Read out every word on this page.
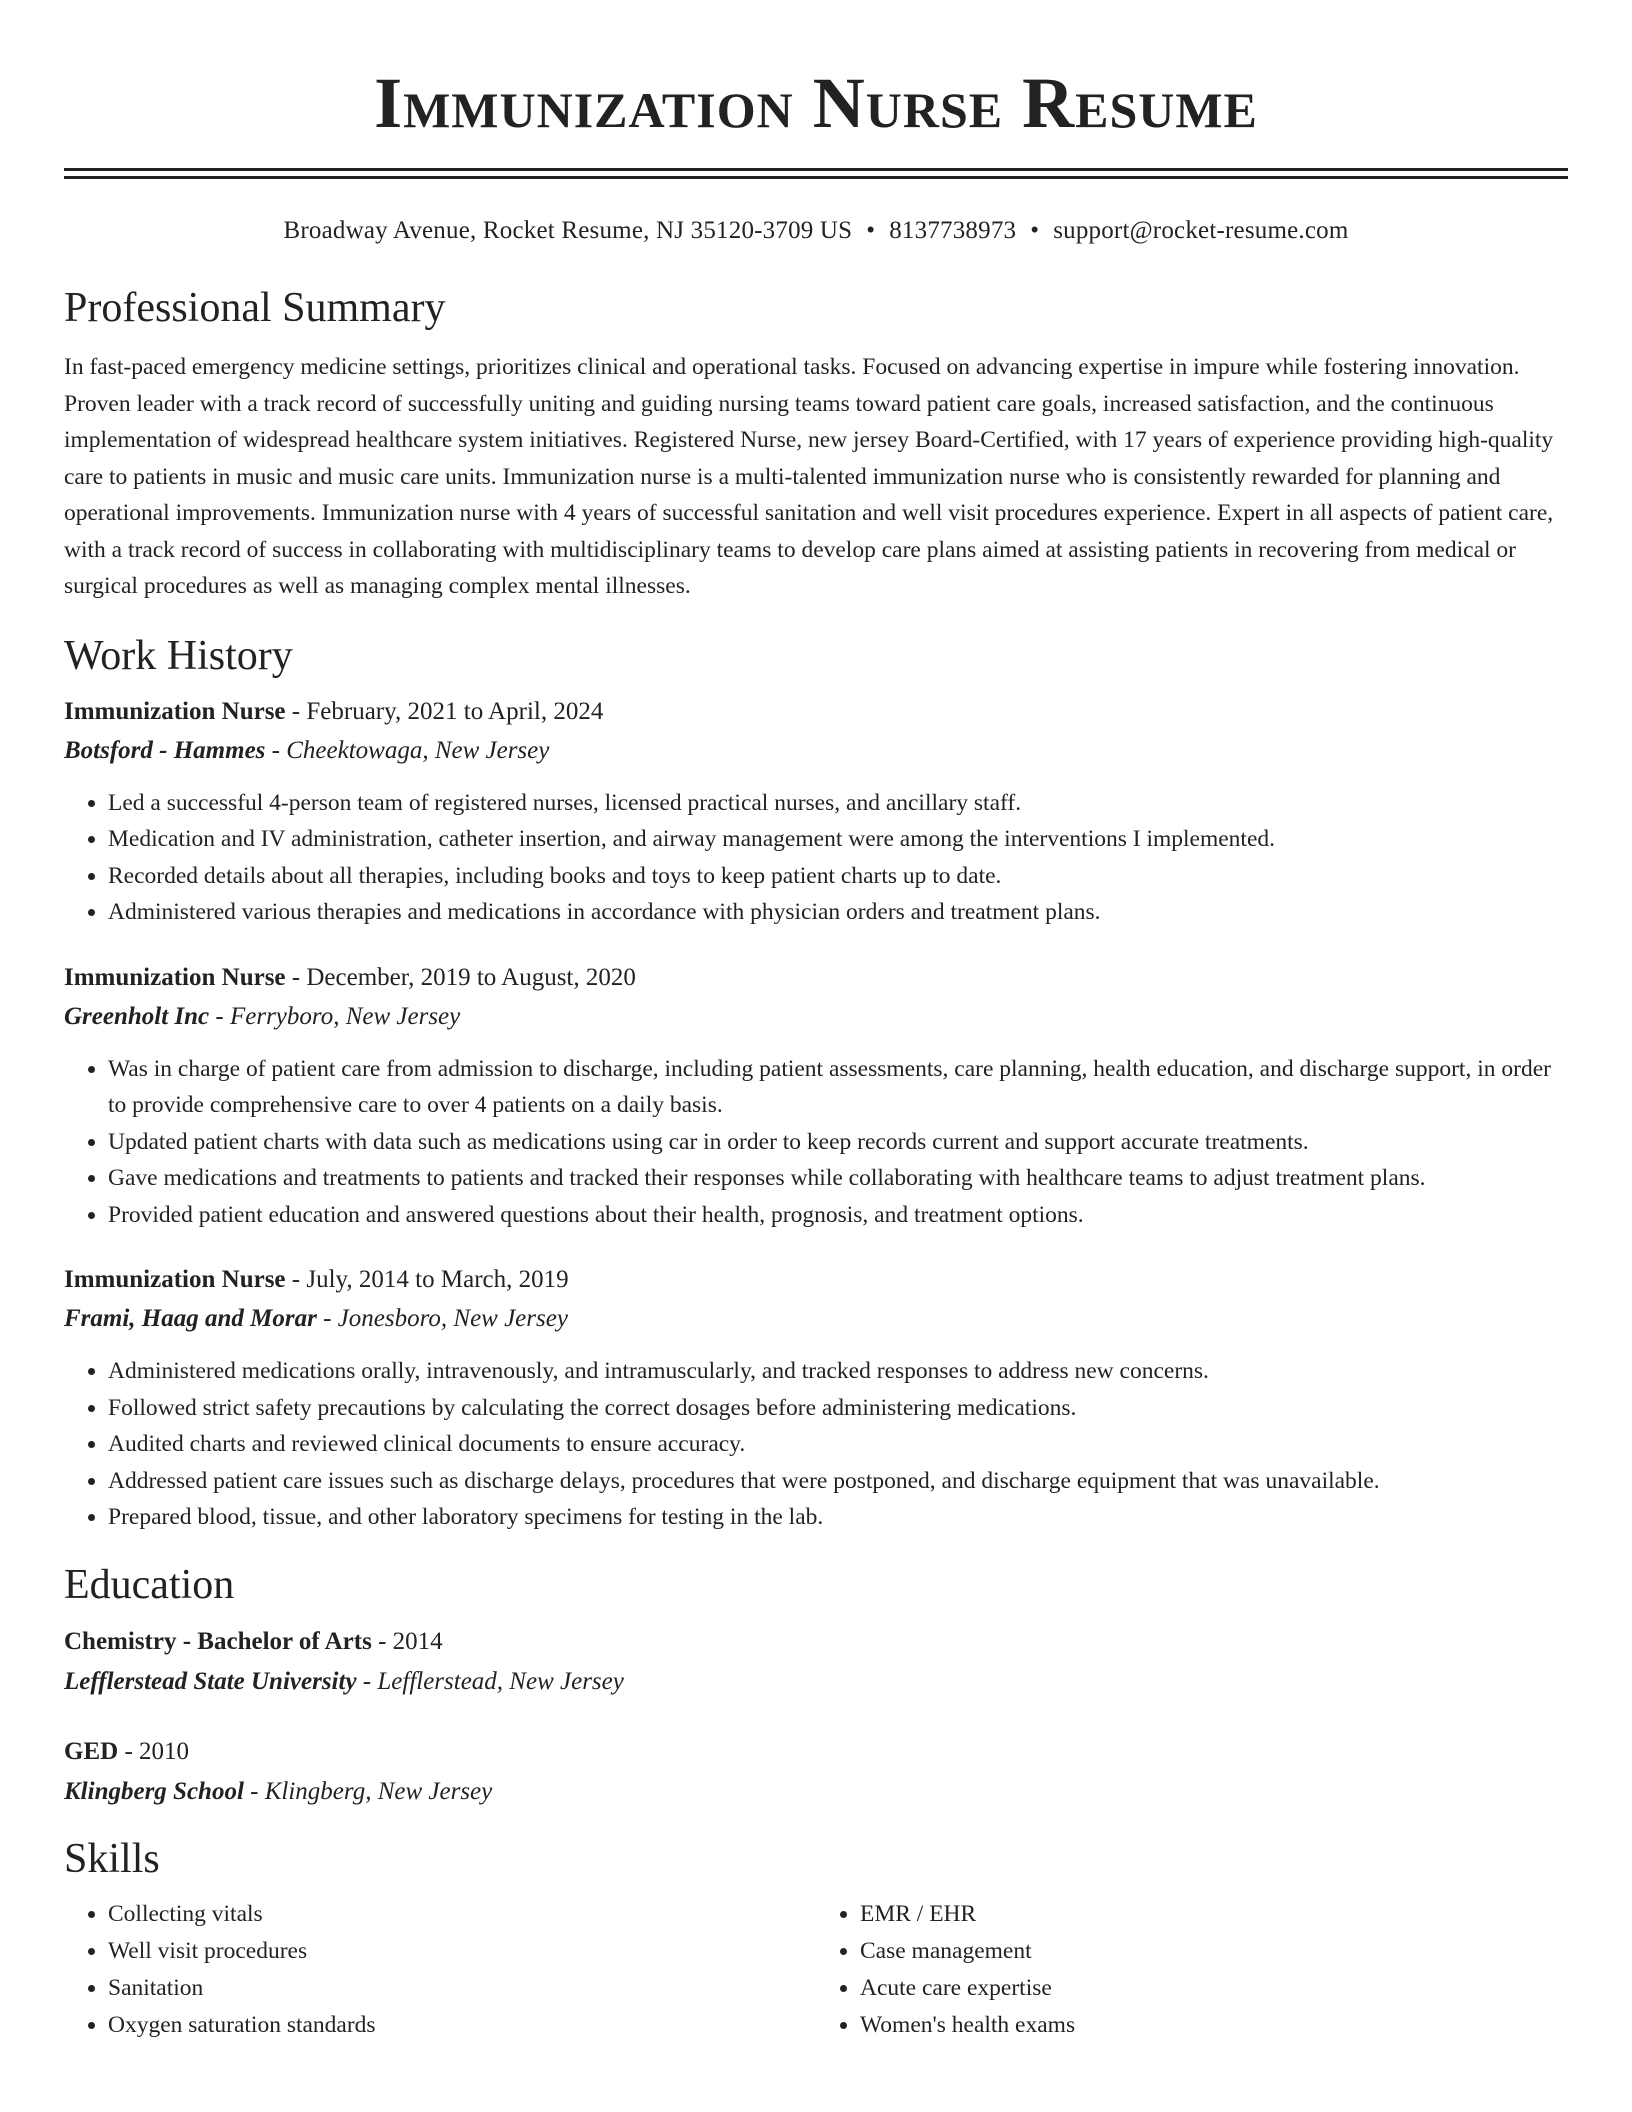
Immunization Nurse Resume
Broadway Avenue, Rocket Resume, NJ 35120-3709 US • 8137738973 • support@rocket-resume.com
Professional Summary

In fast-paced emergency medicine settings, prioritizes clinical and operational tasks. Focused on advancing expertise in impure while fostering innovation. Proven leader with a track record of successfully uniting and guiding nursing teams toward patient care goals, increased satisfaction, and the continuous implementation of widespread healthcare system initiatives. Registered Nurse, new jersey Board-Certified, with 17 years of experience providing high-quality care to patients in music and music care units. Immunization nurse is a multi-talented immunization nurse who is consistently rewarded for planning and operational improvements. Immunization nurse with 4 years of successful sanitation and well visit procedures experience. Expert in all aspects of patient care, with a track record of success in collaborating with multidisciplinary teams to develop care plans aimed at assisting patients in recovering from medical or surgical procedures as well as managing complex mental illnesses.

Work History

Immunization Nurse - February, 2021 to April, 2024

Botsford - Hammes - Cheektowaga, New Jersey

• Led a successful 4-person team of registered nurses, licensed practical nurses, and ancillary staff.
• Medication and IV administration, catheter insertion, and airway management were among the interventions I implemented.
• Recorded details about all therapies, including books and toys to keep patient charts up to date.
• Administered various therapies and medications in accordance with physician orders and treatment plans.

Immunization Nurse - December, 2019 to August, 2020

Greenholt Inc - Ferryboro, New Jersey

• Was in charge of patient care from admission to discharge, including patient assessments, care planning, health education, and discharge support, in order to provide comprehensive care to over 4 patients on a daily basis.
• Updated patient charts with data such as medications using car in order to keep records current and support accurate treatments.
• Gave medications and treatments to patients and tracked their responses while collaborating with healthcare teams to adjust treatment plans.
• Provided patient education and answered questions about their health, prognosis, and treatment options.

Immunization Nurse - July, 2014 to March, 2019

Frami, Haag and Morar - Jonesboro, New Jersey

• Administered medications orally, intravenously, and intramuscularly, and tracked responses to address new concerns.
• Followed strict safety precautions by calculating the correct dosages before administering medications.
• Audited charts and reviewed clinical documents to ensure accuracy.
• Addressed patient care issues such as discharge delays, procedures that were postponed, and discharge equipment that was unavailable.
• Prepared blood, tissue, and other laboratory specimens for testing in the lab.
Education

Chemistry - Bachelor of Arts - 2014

Lefflerstead State University - Lefflerstead, New Jersey

GED - 2010

Klingberg School - Klingberg, New Jersey

Skills
• Collecting vitals
• Well visit procedures
• Sanitation
• Oxygen saturation standards
• EMR / EHR
• Case management
• Acute care expertise
• Women's health exams
